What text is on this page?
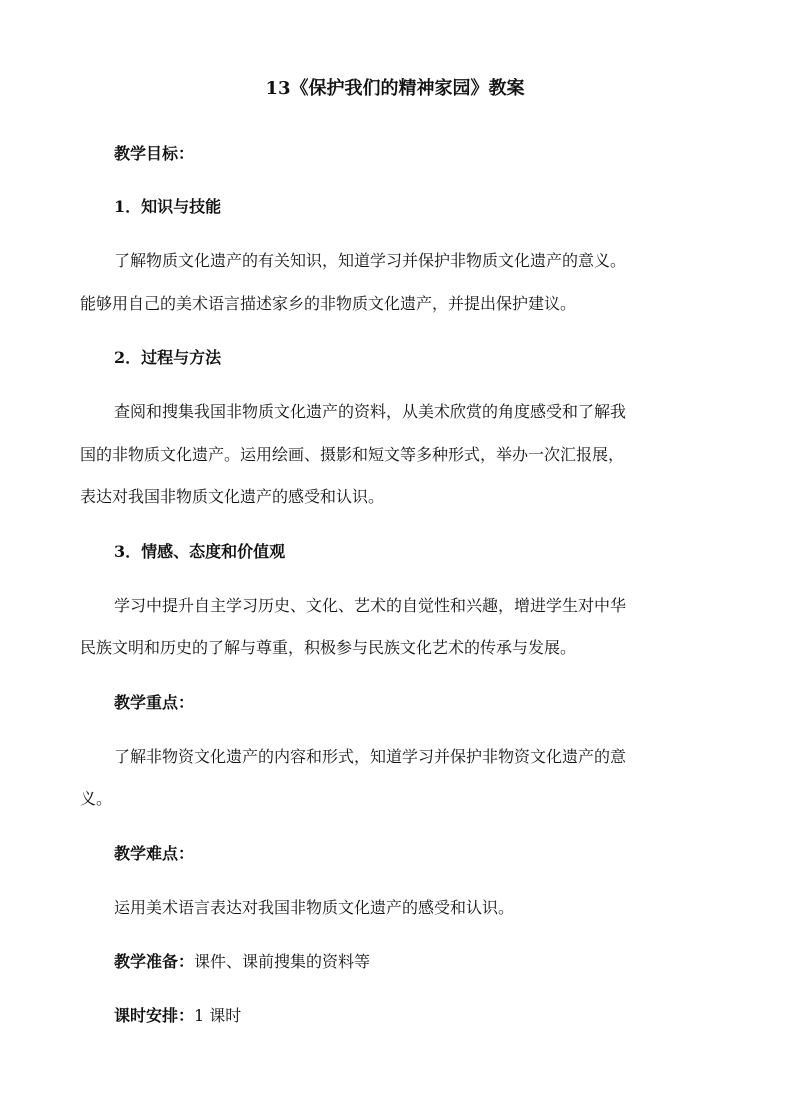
13《保护我们的精神家园》教案
教学目标：
1．知识与技能
了解物质文化遗产的有关知识，知道学习并保护非物质文化遗产的意义。
能够用自己的美术语言描述家乡的非物质文化遗产，并提出保护建议。
2．过程与方法
查阅和搜集我国非物质文化遗产的资料，从美术欣赏的角度感受和了解我
国的非物质文化遗产。运用绘画、摄影和短文等多种形式，举办一次汇报展，
表达对我国非物质文化遗产的感受和认识。
3．情感、态度和价值观
学习中提升自主学习历史、文化、艺术的自觉性和兴趣，增进学生对中华
民族文明和历史的了解与尊重，积极参与民族文化艺术的传承与发展。
教学重点：
了解非物资文化遗产的内容和形式，知道学习并保护非物资文化遗产的意
义。
教学难点：
运用美术语言表达对我国非物质文化遗产的感受和认识。
教学准备：课件、课前搜集的资料等
课时安排：1 课时
